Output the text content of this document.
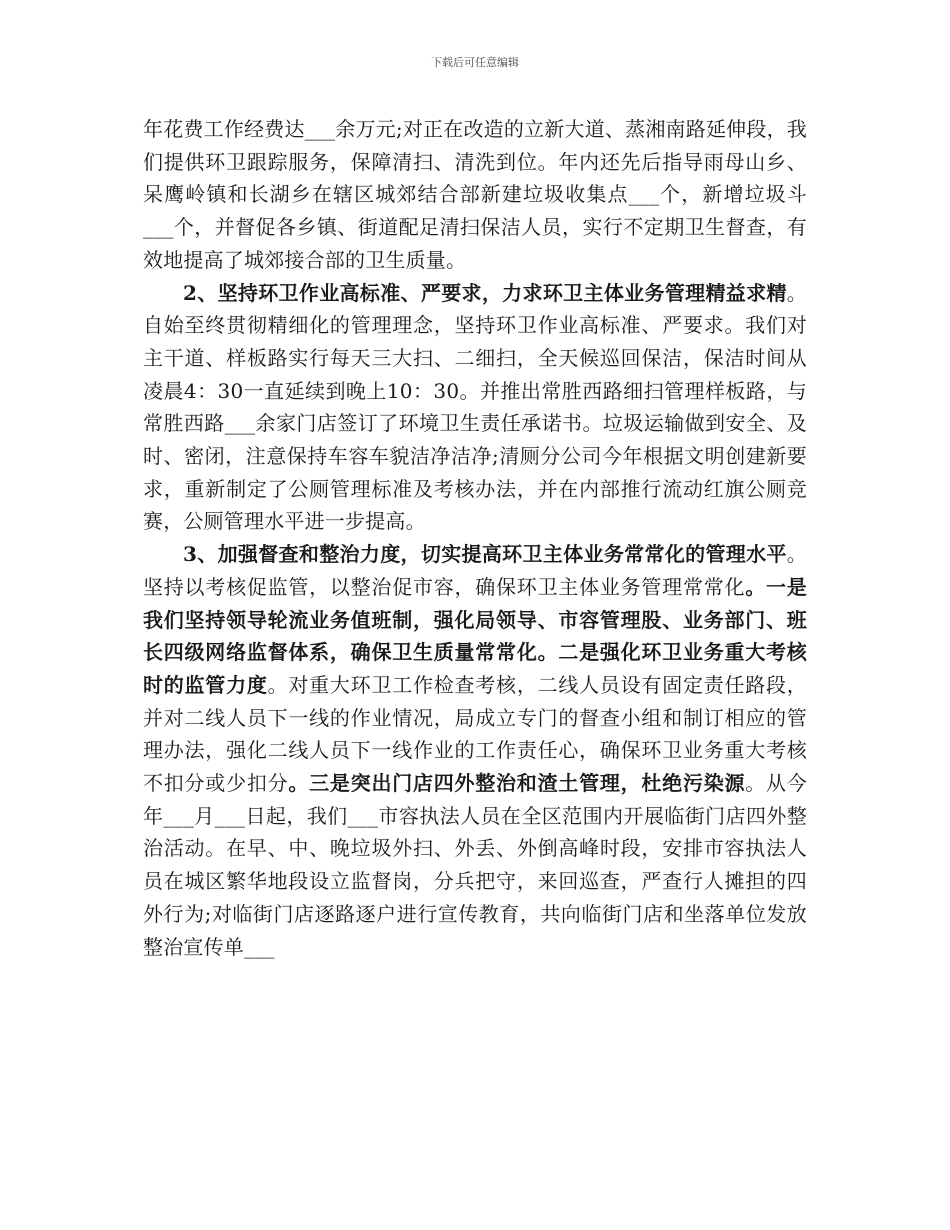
下载后可任意编辑

年花费工作经费达___余万元;对正在改造的立新大道、蒸湘南路延伸段，我们提供环卫跟踪服务，保障清扫、清洗到位。年内还先后指导雨母山乡、呆鹰岭镇和长湖乡在辖区城郊结合部新建垃圾收集点___个，新增垃圾斗___个，并督促各乡镇、街道配足清扫保洁人员，实行不定期卫生督查，有效地提高了城郊接合部的卫生质量。

2、坚持环卫作业高标准、严要求，力求环卫主体业务管理精益求精。自始至终贯彻精细化的管理理念，坚持环卫作业高标准、严要求。我们对主干道、样板路实行每天三大扫、二细扫，全天候巡回保洁，保洁时间从凌晨4：30一直延续到晚上10：30。并推出常胜西路细扫管理样板路，与常胜西路___余家门店签订了环境卫生责任承诺书。垃圾运输做到安全、及时、密闭，注意保持车容车貌洁净洁净;清厕分公司今年根据文明创建新要求，重新制定了公厕管理标准及考核办法，并在内部推行流动红旗公厕竞赛，公厕管理水平进一步提高。

3、加强督查和整治力度，切实提高环卫主体业务常常化的管理水平。坚持以考核促监管，以整治促市容，确保环卫主体业务管理常常化。一是我们坚持领导轮流业务值班制，强化局领导、市容管理股、业务部门、班长四级网络监督体系，确保卫生质量常常化。二是强化环卫业务重大考核时的监管力度。对重大环卫工作检查考核，二线人员设有固定责任路段，并对二线人员下一线的作业情况，局成立专门的督查小组和制订相应的管理办法，强化二线人员下一线作业的工作责任心，确保环卫业务重大考核不扣分或少扣分。三是突出门店四外整治和渣土管理，杜绝污染源。从今年___月___日起，我们___市容执法人员在全区范围内开展临街门店四外整治活动。在早、中、晚垃圾外扫、外丢、外倒高峰时段，安排市容执法人员在城区繁华地段设立监督岗，分兵把守，来回巡查，严查行人摊担的四外行为;对临街门店逐路逐户进行宣传教育，共向临街门店和坐落单位发放整治宣传单___
